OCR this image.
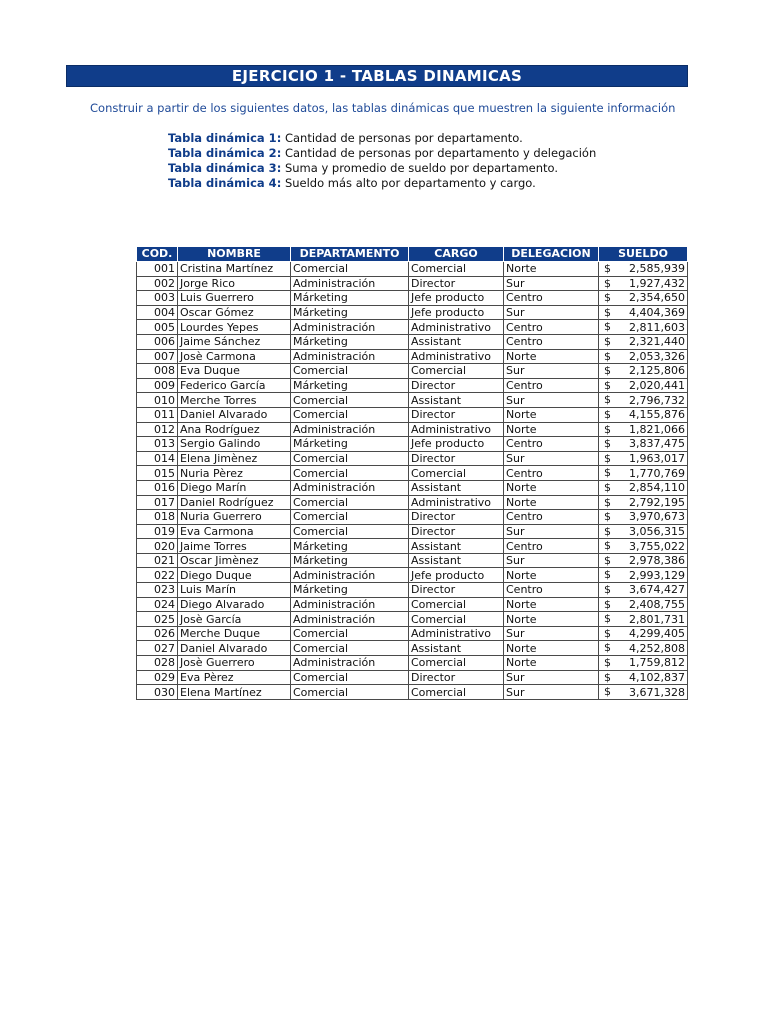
EJERCICIO 1 - TABLAS DINAMICAS
Construir a partir de los siguientes datos, las tablas dinámicas que muestren la siguiente información
Tabla dinámica 1: Cantidad de personas por departamento.
Tabla dinámica 2: Cantidad de personas por departamento y delegación
Tabla dinámica 3: Suma y promedio de sueldo por departamento.
Tabla dinámica 4: Sueldo más alto por departamento y cargo.
COD.	NOMBRE	DEPARTAMENTO	CARGO	DELEGACION	SUELDO
001	Cristina Martínez	Comercial	Comercial	Norte	$ 2,585,939
002	Jorge Rico	Administración	Director	Sur	$ 1,927,432
003	Luis Guerrero	Márketing	Jefe producto	Centro	$ 2,354,650
004	Oscar Gómez	Márketing	Jefe producto	Sur	$ 4,404,369
005	Lourdes Yepes	Administración	Administrativo	Centro	$ 2,811,603
006	Jaime Sánchez	Márketing	Assistant	Centro	$ 2,321,440
007	Josè Carmona	Administración	Administrativo	Norte	$ 2,053,326
008	Eva Duque	Comercial	Comercial	Sur	$ 2,125,806
009	Federico García	Márketing	Director	Centro	$ 2,020,441
010	Merche Torres	Comercial	Assistant	Sur	$ 2,796,732
011	Daniel Alvarado	Comercial	Director	Norte	$ 4,155,876
012	Ana Rodríguez	Administración	Administrativo	Norte	$ 1,821,066
013	Sergio Galindo	Márketing	Jefe producto	Centro	$ 3,837,475
014	Elena Jimènez	Comercial	Director	Sur	$ 1,963,017
015	Nuria Pèrez	Comercial	Comercial	Centro	$ 1,770,769
016	Diego Marín	Administración	Assistant	Norte	$ 2,854,110
017	Daniel Rodríguez	Comercial	Administrativo	Norte	$ 2,792,195
018	Nuria Guerrero	Comercial	Director	Centro	$ 3,970,673
019	Eva Carmona	Comercial	Director	Sur	$ 3,056,315
020	Jaime Torres	Márketing	Assistant	Centro	$ 3,755,022
021	Oscar Jimènez	Márketing	Assistant	Sur	$ 2,978,386
022	Diego Duque	Administración	Jefe producto	Norte	$ 2,993,129
023	Luis Marín	Márketing	Director	Centro	$ 3,674,427
024	Diego Alvarado	Administración	Comercial	Norte	$ 2,408,755
025	Josè García	Administración	Comercial	Norte	$ 2,801,731
026	Merche Duque	Comercial	Administrativo	Sur	$ 4,299,405
027	Daniel Alvarado	Comercial	Assistant	Norte	$ 4,252,808
028	Josè Guerrero	Administración	Comercial	Norte	$ 1,759,812
029	Eva Pèrez	Comercial	Director	Sur	$ 4,102,837
030	Elena Martínez	Comercial	Comercial	Sur	$ 3,671,328
